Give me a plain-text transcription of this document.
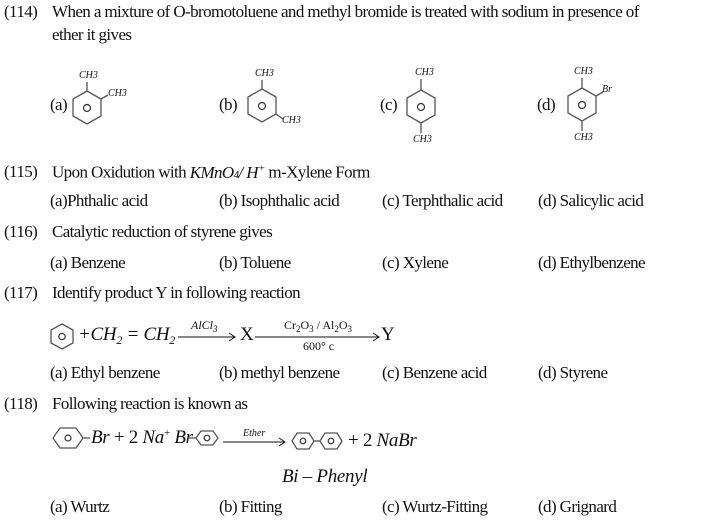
(114) When a mixture of O-bromotoluene and methyl bromide is treated with sodium in presence of
ether it gives
(a)
CH3
CH3
(b)
CH3
CH3
(c)
CH3
CH3
(d)
CH3
Br
CH3
(115) Upon Oxidution with KMnO4/ H+ m-Xylene Form
(a)Phthalic acid	(b) Isophthalic acid	(c) Terphthalic acid (d) Salicylic acid
(116) Catalytic reduction of styrene gives
(a) Benzene	(b) Toluene	(c) Xylene	(d) Ethylbenzene
(117) Identify product Y in following reaction
$+CH_2 = CH_2$
AlCl$_3$ X	$Cr_2O_3 / Al_2O_3$
600° c
Y
(a) Ethyl benzene	(b) methyl benzene	(c) Benzene acid	(d) Styrene
(118) Following reaction is known as
Br + 2 Na+ Br	Ether	+ 2 NaBr
Bi – Phenyl
(a) Wurtz	(b) Fitting	(c) Wurtz-Fitting	(d) Grignard
